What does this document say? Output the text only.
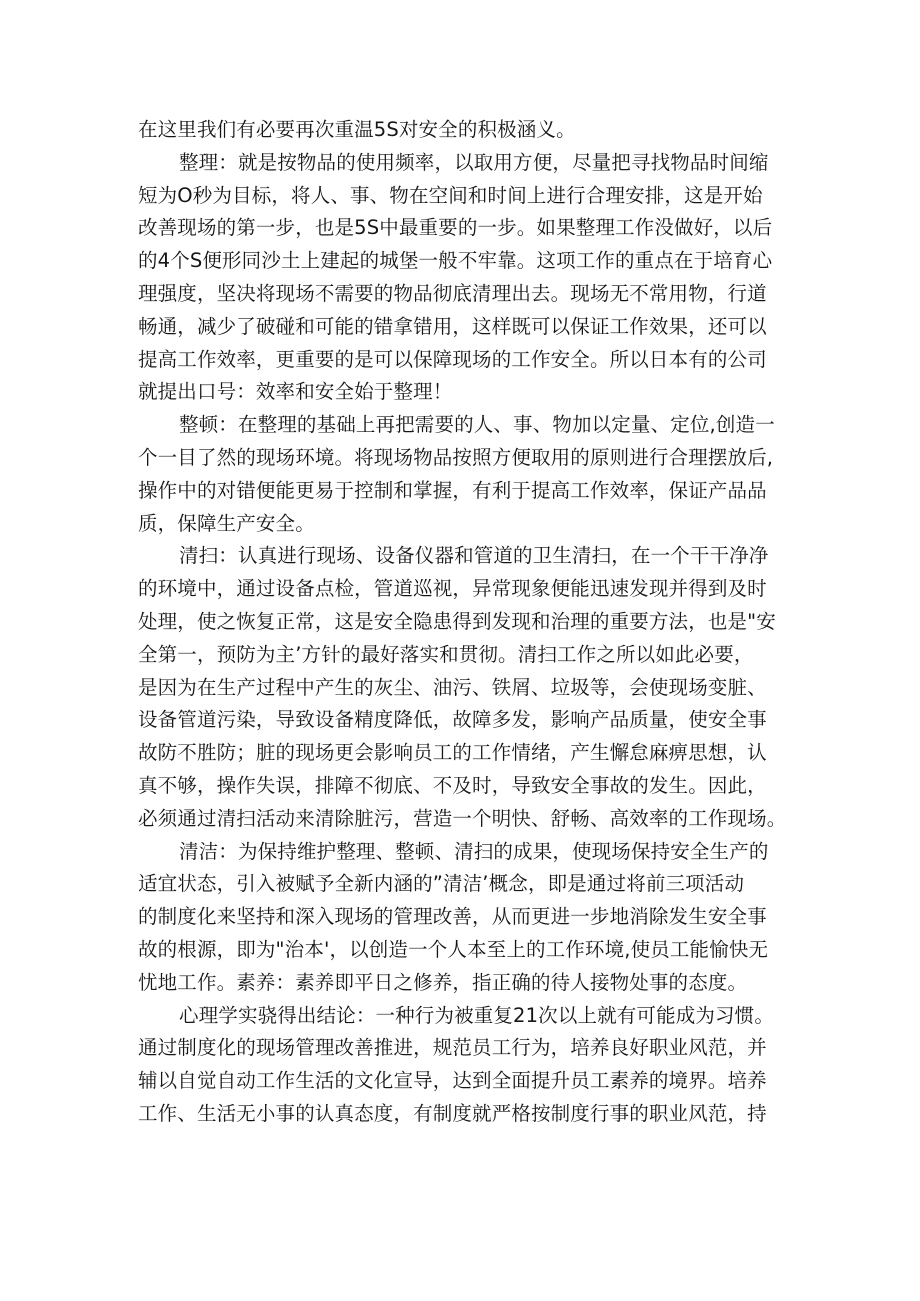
在这里我们有必要再次重温5S对安全的积极涵义。
整理：就是按物品的使用频率，以取用方便，尽量把寻找物品时间缩
短为O秒为目标，将人、事、物在空间和时间上进行合理安排，这是开始
改善现场的第一步，也是5S中最重要的一步。如果整理工作没做好，以后
的4个S便形同沙土上建起的城堡一般不牢靠。这项工作的重点在于培育心
理强度，坚决将现场不需要的物品彻底清理出去。现场无不常用物，行道
畅通，减少了破碰和可能的错拿错用，这样既可以保证工作效果，还可以
提高工作效率，更重要的是可以保障现场的工作安全。所以日本有的公司
就提出口号：效率和安全始于整理！
整顿：在整理的基础上再把需要的人、事、物加以定量、定位,创造一
个一目了然的现场环境。将现场物品按照方便取用的原则进行合理摆放后,
操作中的对错便能更易于控制和掌握，有利于提高工作效率，保证产品品
质，保障生产安全。
清扫：认真进行现场、设备仪器和管道的卫生清扫，在一个干干净净
的环境中，通过设备点检，管道巡视，异常现象便能迅速发现并得到及时
处理，使之恢复正常，这是安全隐患得到发现和治理的重要方法，也是"安
全第一，预防为主’方针的最好落实和贯彻。清扫工作之所以如此必要，
是因为在生产过程中产生的灰尘、油污、铁屑、垃圾等，会使现场变脏、
设备管道污染，导致设备精度降低，故障多发，影响产品质量，使安全事
故防不胜防；脏的现场更会影响员工的工作情绪，产生懈怠麻痹思想，认
真不够，操作失误，排障不彻底、不及时，导致安全事故的发生。因此，
必须通过清扫活动来清除脏污，营造一个明快、舒畅、高效率的工作现场。
清洁：为保持维护整理、整顿、清扫的成果，使现场保持安全生产的
适宜状态，引入被赋予全新内涵的”清洁’概念，即是通过将前三项活动
的制度化来坚持和深入现场的管理改善，从而更进一步地消除发生安全事
故的根源，即为"治本'，以创造一个人本至上的工作环境,使员工能愉快无
忧地工作。素养：素养即平日之修养，指正确的待人接物处事的态度。
心理学实骁得出结论：一种行为被重复21次以上就有可能成为习惯。
通过制度化的现场管理改善推进，规范员工行为，培养良好职业风范，并
辅以自觉自动工作生活的文化宣导，达到全面提升员工素养的境界。培养
工作、生活无小事的认真态度，有制度就严格按制度行事的职业风范，持
